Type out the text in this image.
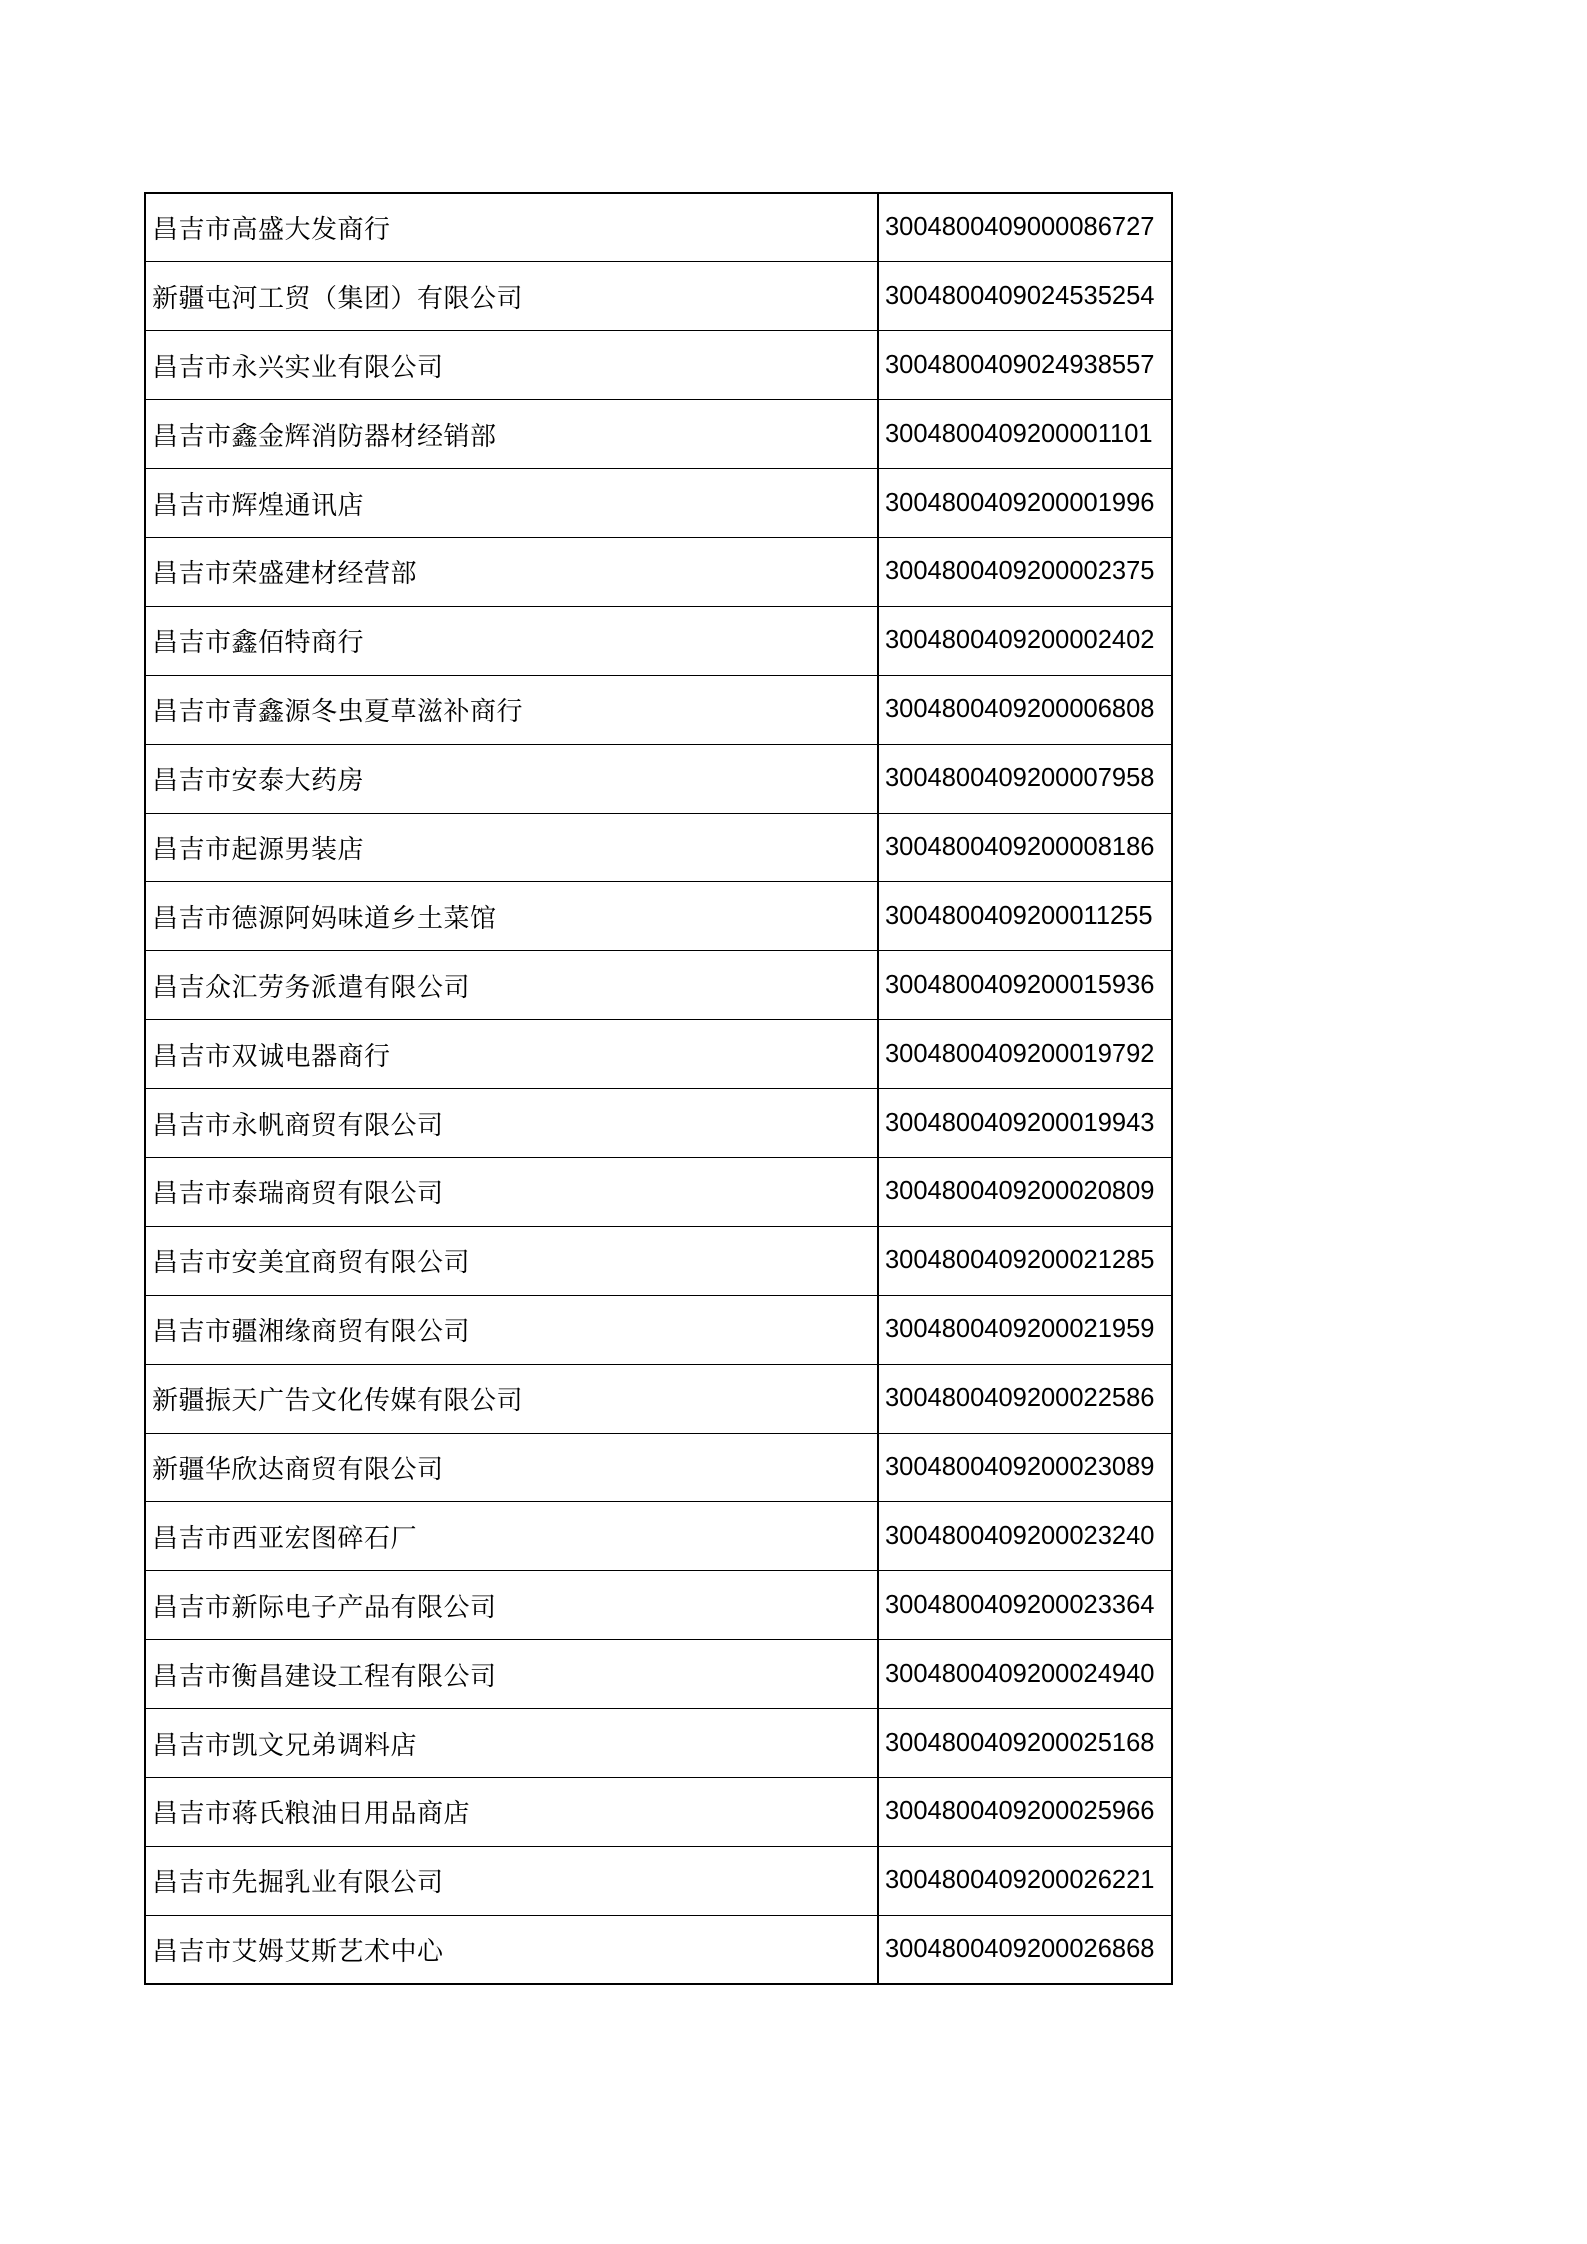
昌吉市高盛大发商行	300480040900008672​7
新疆屯河工贸（集团）有限公司	3004800409024535254
昌吉市永兴实业有限公司	3004800409024938557
昌吉市鑫金辉消防器材经销部	3004800409200001101
昌吉市辉煌通讯店	3004800409200001996
昌吉市荣盛建材经营部	3004800409200002375
昌吉市鑫佰特商行	3004800409200002402
昌吉市青鑫源冬虫夏草滋补商行	3004800409200006808
昌吉市安泰大药房	3004800409200007958
昌吉市起源男装店	3004800409200008186
昌吉市德源阿妈味道乡土菜馆	3004800409200011255
昌吉众汇劳务派遣有限公司	3004800409200015936
昌吉市双诚电器商行	3004800409200019792
昌吉市永帆商贸有限公司	3004800409200019943
昌吉市泰瑞商贸有限公司	3004800409200020809
昌吉市安美宜商贸有限公司	3004800409200021285
昌吉市疆湘缘商贸有限公司	3004800409200021959
新疆振天广告文化传媒有限公司	3004800409200022586
新疆华欣达商贸有限公司	3004800409200023089
昌吉市西亚宏图碎石厂	3004800409200023240
昌吉市新际电子产品有限公司	3004800409200023364
昌吉市衡昌建设工程有限公司	3004800409200024940
昌吉市凯文兄弟调料店	3004800409200025168
昌吉市蒋氏粮油日用品商店	3004800409200025966
昌吉市先掘乳业有限公司	3004800409200026221
昌吉市艾姆艾斯艺术中心	3004800409200026868
